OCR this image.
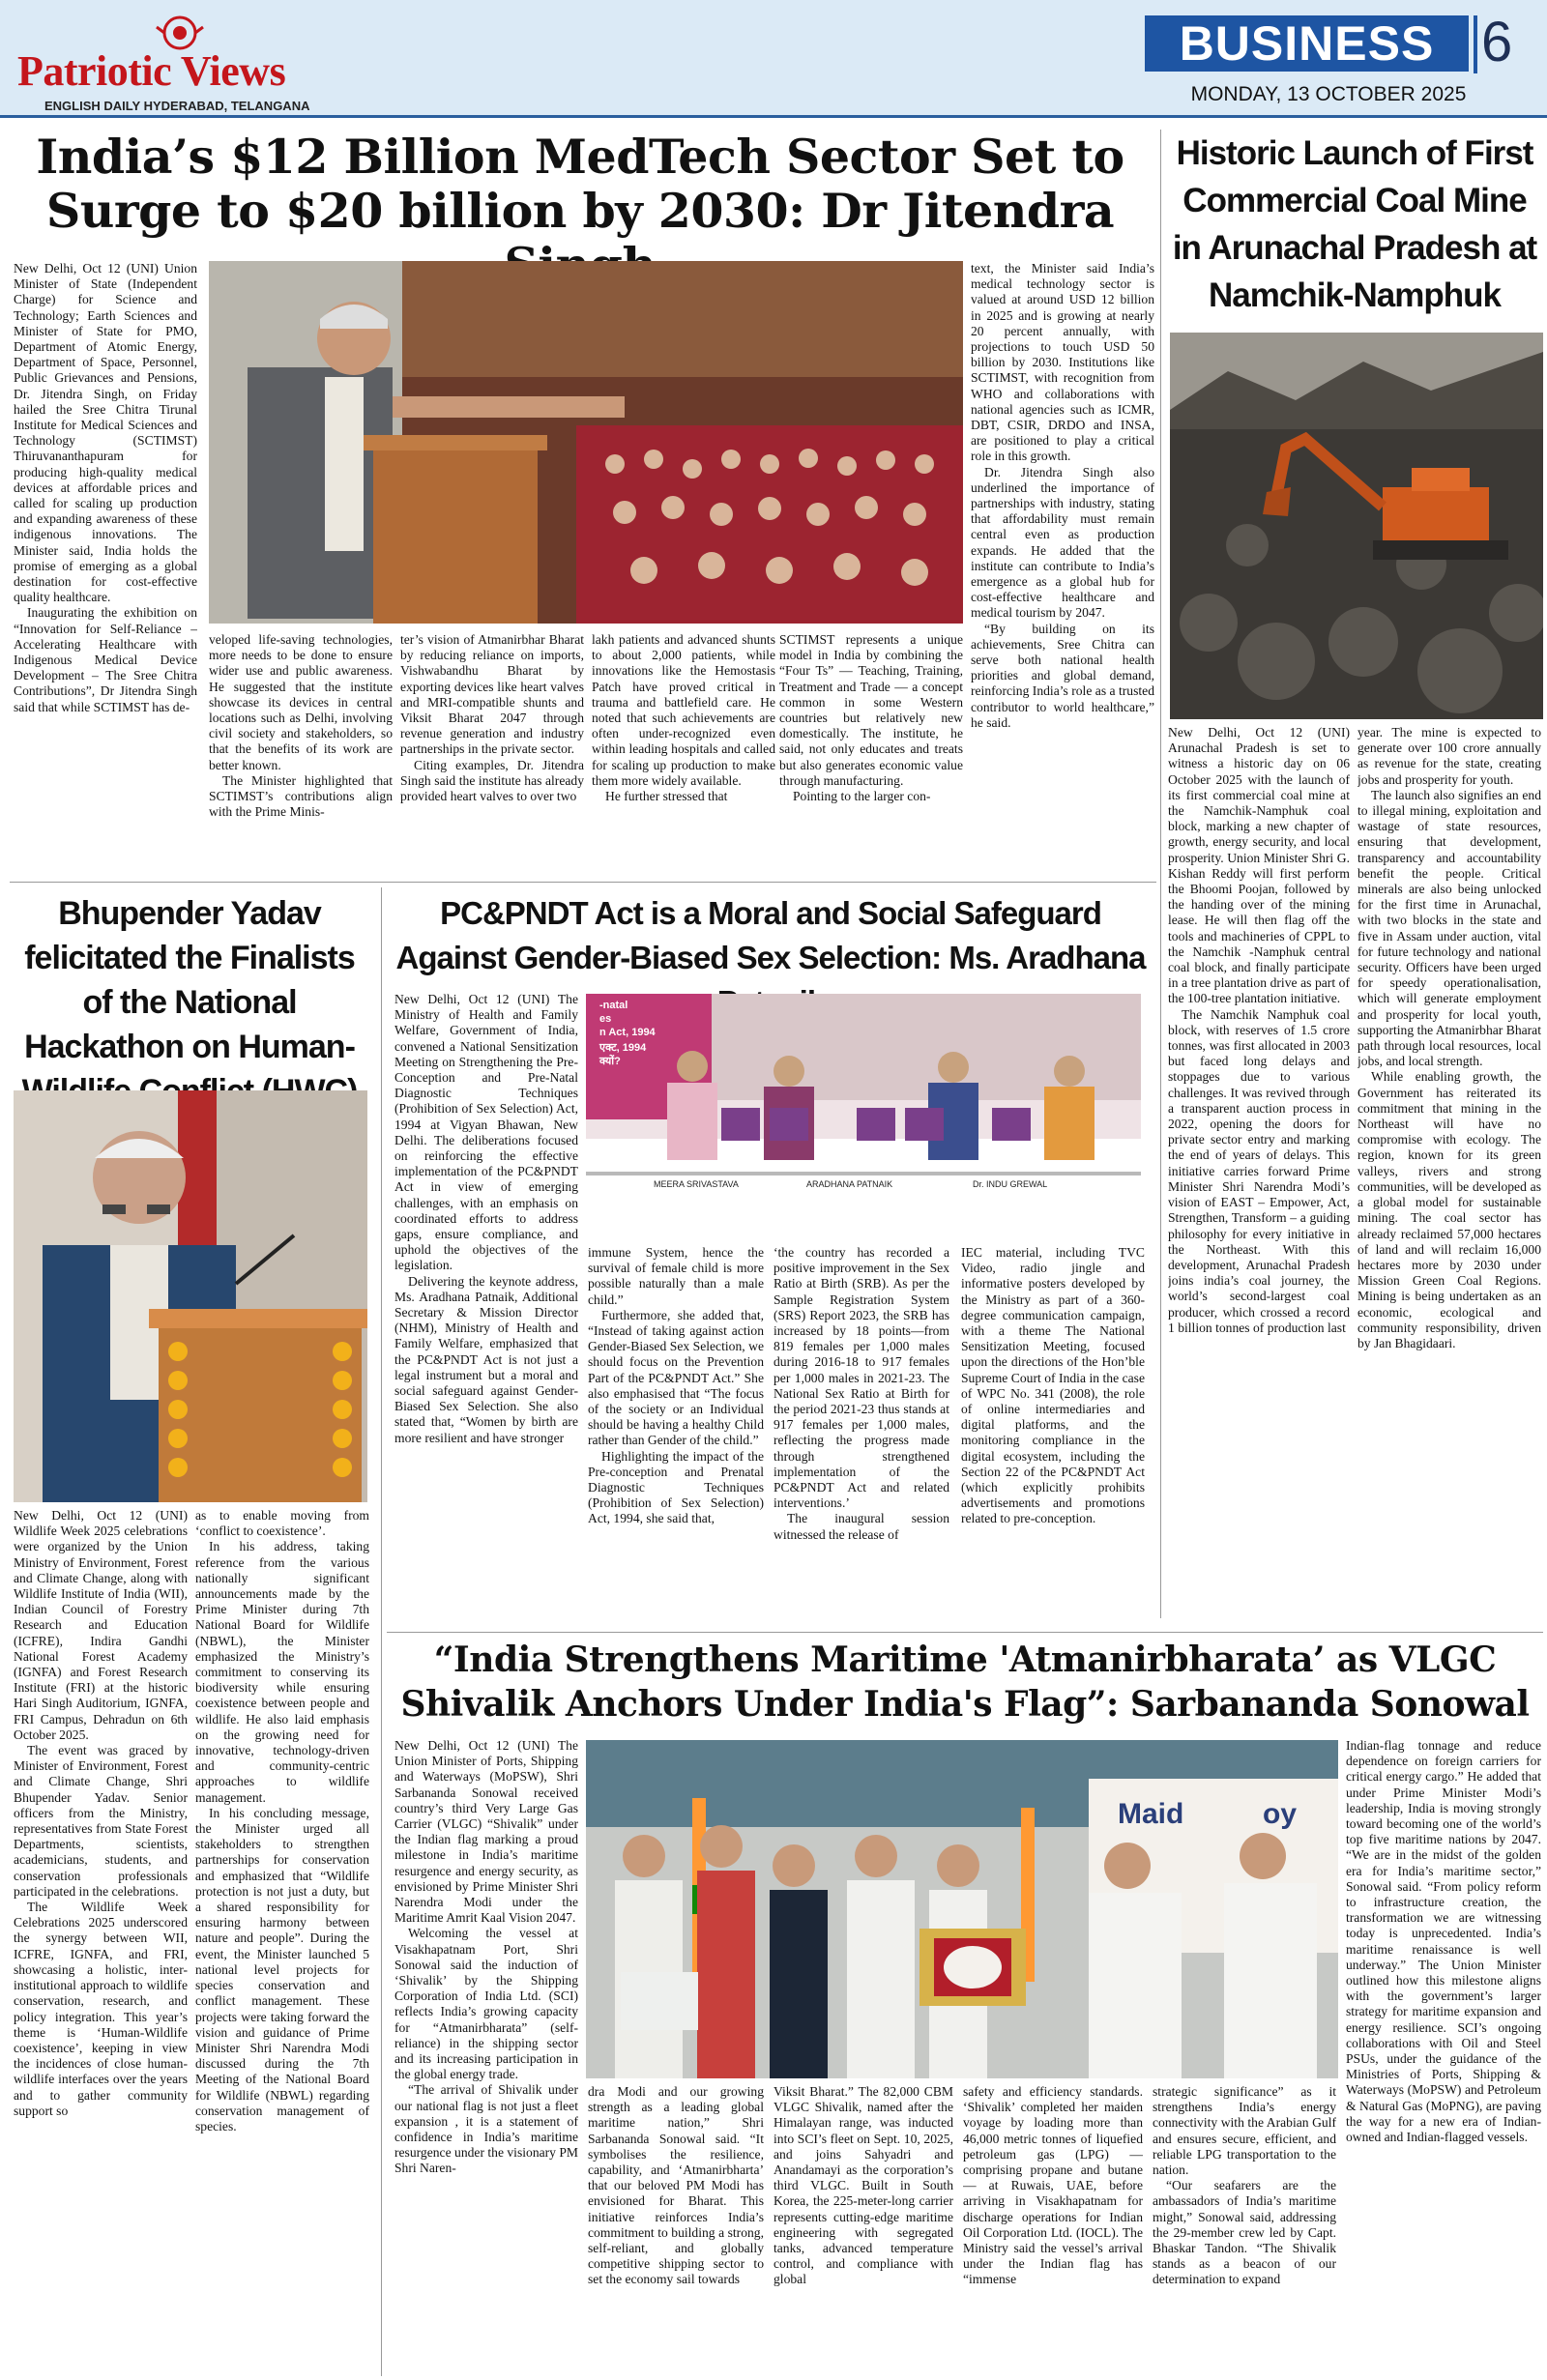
Patriotic Views
ENGLISH DAILY HYDERABAD, TELANGANA
BUSINESS 6
MONDAY, 13 OCTOBER 2025
India’s $12 Billion MedTech Sector Set to Surge to $20 billion by 2030: Dr Jitendra

New Delhi, Oct 12 (UNI) Union Minister of State (Independent Charge) for Science and Technology; Earth Sciences and Minister of State for PMO, Department of Atomic Energy, Department of Space, Personnel, Public Grievances and Pensions, Dr. Jitendra Singh, on Friday hailed the Sree Chitra Tirunal Institute for Medical Sciences and Technology (SCTIMST) Thiruvananthapuram for producing high-quality medical devices at affordable prices and called for scaling up production and expanding awareness of these indigenous innovations. The Minister said, India holds the promise of emerging as a global destination for cost-effective quality healthcare.

Inaugurating the exhibition on “Innovation for Self-Reliance – Accelerating Healthcare with Indigenous Medical Device Development – The Sree Chitra Contributions”, Dr Jitendra Singh said that while SCTIMST has de-

veloped life-saving technologies, more needs to be done to ensure wider use and public awareness. He suggested that the institute showcase its devices in central locations such as Delhi, involving civil society and stakeholders, so that the benefits of its work are better known.

The Minister highlighted that SCTIMST’s contributions align with the Prime Minis-

ter’s vision of Atmanirbhar Bharat by reducing reliance on imports, Vishwabandhu Bharat by exporting devices like heart valves and MRI-compatible shunts and Viksit Bharat 2047 through revenue generation and industry partnerships in the private sector.

Citing examples, Dr. Jitendra Singh said the institute has already provided heart valves to over two

lakh patients and advanced shunts to about 2,000 patients, while innovations like the Hemostasis Patch have proved critical in trauma and battlefield care. He noted that such achievements are often under-recognized even within leading hospitals and called for scaling up production to make them more widely available.

He further stressed that

SCTIMST represents a unique model in India by combining the “Four Ts” — Teaching, Training, Treatment and Trade — a concept common in some Western countries but relatively new domestically. The institute, he said, not only educates and treats but also generates economic value through manufacturing.

Pointing to the larger con-

text, the Minister said India’s medical technology sector is valued at around USD 12 billion in 2025 and is growing at nearly 20 percent annually, with projections to touch USD 50 billion by 2030. Institutions like SCTIMST, with recognition from WHO and collaborations with national agencies such as ICMR, DBT, CSIR, DRDO and INSA, are positioned to play a critical role in this growth.

Dr. Jitendra Singh also underlined the importance of partnerships with industry, stating that affordability must remain central even as production expands. He added that the institute can contribute to India’s emergence as a global hub for cost-effective healthcare and medical tourism by 2047.

“By building on its achievements, Sree Chitra can serve both national health priorities and global demand, reinforcing India’s role as a trusted contributor to world healthcare,” he said.

Historic Launch of First Commercial Coal Mine in Arunachal Pradesh at Namchik-Namphuk

New Delhi, Oct 12 (UNI) Arunachal Pradesh is set to witness a historic day on 06 October 2025 with the launch of its first commercial coal mine at the Namchik-Namphuk coal block, marking a new chapter of growth, energy security, and local prosperity. Union Minister Shri G. Kishan Reddy will first perform the Bhoomi Poojan, followed by the handing over of the mining lease. He will then flag off the tools and machineries of CPPL to the Namchik -Namphuk central coal block, and finally participate in a tree plantation drive as part of the 100-tree plantation initiative.

The Namchik Namphuk coal block, with reserves of 1.5 crore tonnes, was first allocated in 2003 but faced long delays and stoppages due to various challenges. It was revived through a transparent auction process in 2022, opening the doors for private sector entry and marking the end of years of delays. This initiative carries forward Prime Minister Shri Narendra Modi’s vision of EAST – Empower, Act, Strengthen, Transform – a guiding philosophy for every initiative in the Northeast. With this development, Arunachal Pradesh joins india’s coal journey, the world’s second-largest coal producer, which crossed a record 1 billion tonnes of production last

year. The mine is expected to generate over 100 crore annually as revenue for the state, creating jobs and prosperity for youth.

The launch also signifies an end to illegal mining, exploitation and wastage of state resources, ensuring that development, transparency and accountability benefit the people. Critical minerals are also being unlocked for the first time in Arunachal, with two blocks in the state and five in Assam under auction, vital for future technology and national security. Officers have been urged for speedy operationalisation, which will generate employment and prosperity for local youth, supporting the Atmanirbhar Bharat path through local resources, local jobs, and local strength.

While enabling growth, the Government has reiterated its commitment that mining in the Northeast will have no compromise with ecology. The region, known for its green valleys, rivers and strong communities, will be developed as a global model for sustainable mining. The coal sector has already reclaimed 57,000 hectares of land and will reclaim 16,000 hectares more by 2030 under Mission Green Coal Regions. Mining is being undertaken as an economic, ecological and community responsibility, driven by Jan Bhagidaari.

Bhupender Yadav felicitated the Finalists of the National Hackathon on Human-

New Delhi, Oct 12 (UNI) Wildlife Week 2025 celebrations were organized by the Union Ministry of Environment, Forest and Climate Change, along with Wildlife Institute of India (WII), Indian Council of Forestry Research and Education (ICFRE), Indira Gandhi National Forest Academy (IGNFA) and Forest Research Institute (FRI) at the historic Hari Singh Auditorium, IGNFA, FRI Campus, Dehradun on 6th October 2025.

The event was graced by Minister of Environment, Forest and Climate Change, Shri Bhupender Yadav. Senior officers from the Ministry, representatives from State Forest Departments, scientists, academicians, students, and conservation professionals participated in the celebrations.

The Wildlife Week Celebrations 2025 underscored the synergy between WII, ICFRE, IGNFA, and FRI, showcasing a holistic, inter-institutional approach to wildlife conservation, research, and policy integration. This year’s theme is ‘Human-Wildlife coexistence’, keeping in view the incidences of close human-wildlife interfaces over the years and to gather community support so

as to enable moving from ‘conflict to coexistence’.

In his address, taking reference from the various nationally significant announcements made by the Prime Minister during 7th National Board for Wildlife (NBWL), the Minister emphasized the Ministry’s commitment to conserving its biodiversity while ensuring coexistence between people and wildlife. He also laid emphasis on the growing need for innovative, technology-driven and community-centric approaches to wildlife management.

In his concluding message, the Minister urged all stakeholders to strengthen partnerships for conservation and emphasized that “Wildlife protection is not just a duty, but a shared responsibility for ensuring harmony between nature and people”. During the event, the Minister launched 5 national level projects for species conservation and conflict management. These projects were taking forward the vision and guidance of Prime Minister Shri Narendra Modi discussed during the 7th Meeting of the National Board for Wildlife (NBWL) regarding conservation management of species.

PC&PNDT Act is a Moral and Social Safeguard Against Gender-Biased Sex Selection: Ms. Aradhana

New Delhi, Oct 12 (UNI) The Ministry of Health and Family Welfare, Government of India, convened a National Sensitization Meeting on Strengthening the Pre-Conception and Pre-Natal Diagnostic Techniques (Prohibition of Sex Selection) Act, 1994 at Vigyan Bhawan, New Delhi. The deliberations focused on reinforcing the effective implementation of the PC&PNDT Act in view of emerging challenges, with an emphasis on coordinated efforts to address gaps, ensure compliance, and uphold the objectives of the legislation.

Delivering the keynote address, Ms. Aradhana Patnaik, Additional Secretary & Mission Director (NHM), Ministry of Health and Family Welfare, emphasized that the PC&PNDT Act is not just a legal instrument but a moral and social safeguard against Gender-Biased Sex Selection. She also stated that, “Women by birth are more resilient and have stronger

-natal
es
n Act, 1994
एक्ट, 1994
क्यों?
MEERA SRIVASTAVA	ARADHANA PATNAIK	Dr. INDU GREWAL

immune System, hence the survival of female child is more possible naturally than a male child.”

Furthermore, she added that, “Instead of taking against action Gender-Biased Sex Selection, we should focus on the Prevention Part of the PC&PNDT Act.” She also emphasised that “The focus of the society or an Individual should be having a healthy Child rather than Gender of the child.”

Highlighting the impact of the Pre-conception and Prenatal Diagnostic Techniques (Prohibition of Sex Selection) Act, 1994, she said that,

‘the country has recorded a positive improvement in the Sex Ratio at Birth (SRB). As per the Sample Registration System (SRS) Report 2023, the SRB has increased by 18 points—from 819 females per 1,000 males during 2016-18 to 917 females per 1,000 males in 2021-23. The National Sex Ratio at Birth for the period 2021-23 thus stands at 917 females per 1,000 males, reflecting the progress made through strengthened implementation of the PC&PNDT Act and related interventions.’

The inaugural session witnessed the release of

IEC material, including TVC Video, radio jingle and informative posters developed by the Ministry as part of a 360-degree communication campaign, with a theme The National Sensitization Meeting, focused upon the directions of the Hon’ble Supreme Court of India in the case of WPC No. 341 (2008), the role of online intermediaries and digital platforms, and the monitoring compliance in the digital ecosystem, including the Section 22 of the PC&PNDT Act (which explicitly prohibits advertisements and promotions related to pre-conception.

“India Strengthens Maritime 'Atmanirbharata’ as VLGC Shivalik Anchors Under India's Flag”: Sarbananda Sonowal

New Delhi, Oct 12 (UNI) The Union Minister of Ports, Shipping and Waterways (MoPSW), Shri Sarbananda Sonowal received country’s third Very Large Gas Carrier (VLGC) “Shivalik” under the Indian flag marking a proud milestone in India’s maritime resurgence and energy security, as envisioned by Prime Minister Shri Narendra Modi under the Maritime Amrit Kaal Vision 2047.

Welcoming the vessel at Visakhapatnam Port, Shri Sonowal said the induction of ‘Shivalik’ by the Shipping Corporation of India Ltd. (SCI) reflects India’s growing capacity for “Atmanirbharata” (self-reliance) in the shipping sector and its increasing participation in the global energy trade.

“The arrival of Shivalik under our national flag is not just a fleet expansion , it is a statement of confidence in India’s maritime resurgence under the visionary PM Shri Naren-

Maid	oy

dra Modi and our growing strength as a leading global maritime nation,” Shri Sarbananda Sonowal said. “It symbolises the resilience, capability, and ‘Atmanirbharta’ that our beloved PM Modi has envisioned for Bharat. This initiative reinforces India’s commitment to building a strong, self-reliant, and globally competitive shipping sector to set the economy sail towards

Viksit Bharat.” The 82,000 CBM VLGC Shivalik, named after the Himalayan range, was inducted into SCI’s fleet on Sept. 10, 2025, and joins Sahyadri and Anandamayi as the corporation’s third VLGC. Built in South Korea, the 225-meter-long carrier represents cutting-edge maritime engineering with segregated tanks, advanced temperature control, and compliance with global

safety and efficiency standards. ‘Shivalik’ completed her maiden voyage by loading more than 46,000 metric tonnes of liquefied petroleum gas (LPG) — comprising propane and butane — at Ruwais, UAE, before arriving in Visakhapatnam for discharge operations for Indian Oil Corporation Ltd. (IOCL). The Ministry said the vessel’s arrival under the Indian flag has “immense

strategic significance” as it strengthens India’s energy connectivity with the Arabian Gulf and ensures secure, efficient, and reliable LPG transportation to the nation.

“Our seafarers are the ambassadors of India’s maritime might,” Sonowal said, addressing the 29-member crew led by Capt. Bhaskar Tandon. “The Shivalik stands as a beacon of our determination to expand

Indian-flag tonnage and reduce dependence on foreign carriers for critical energy cargo.” He added that under Prime Minister Modi’s leadership, India is moving strongly toward becoming one of the world’s top five maritime nations by 2047. “We are in the midst of the golden era for India’s maritime sector,” Sonowal said. “From policy reform to infrastructure creation, the transformation we are witnessing today is unprecedented. India’s maritime renaissance is well underway.” The Union Minister outlined how this milestone aligns with the government’s larger strategy for maritime expansion and energy resilience. SCI’s ongoing collaborations with Oil and Steel PSUs, under the guidance of the Ministries of Ports, Shipping & Waterways (MoPSW) and Petroleum & Natural Gas (MoPNG), are paving the way for a new era of Indian-owned and Indian-flagged vessels.
